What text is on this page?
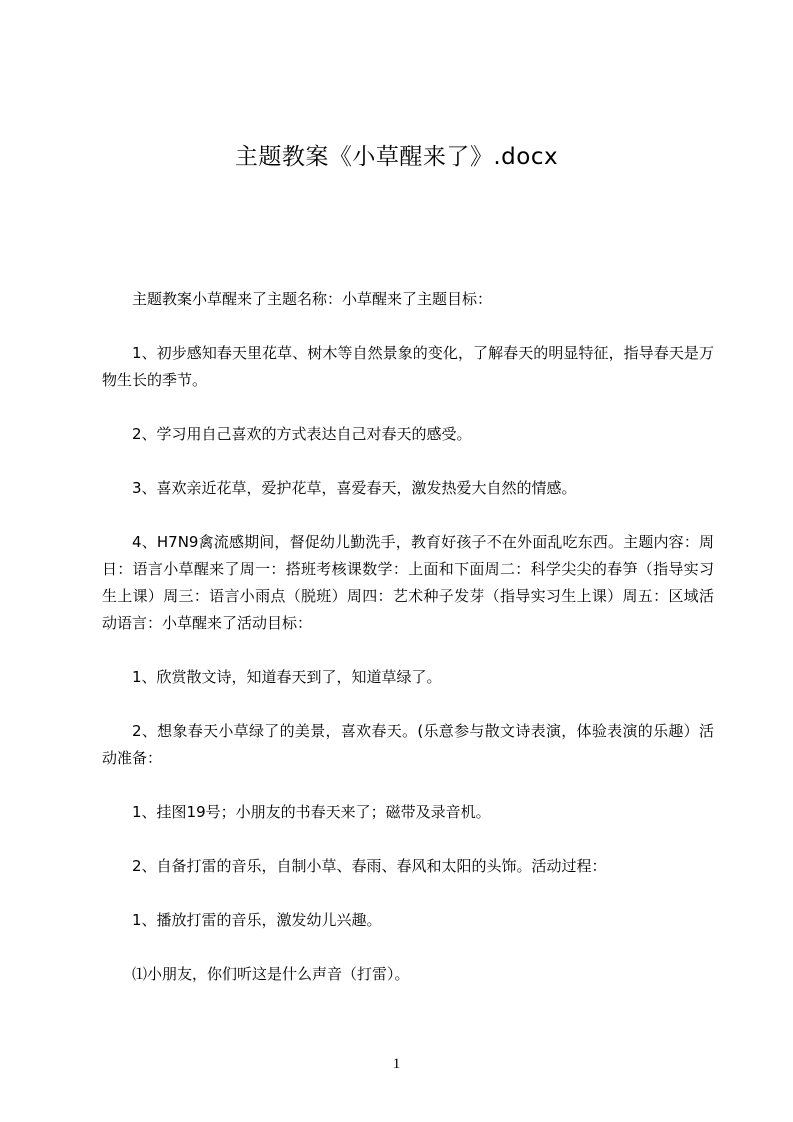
主题教案《小草醒来了》.docx

主题教案小草醒来了主题名称：小草醒来了主题目标：

1、初步感知春天里花草、树木等自然景象的变化，了解春天的明显特征，指导春天是万物生长的季节。

2、学习用自己喜欢的方式表达自己对春天的感受。

3、喜欢亲近花草，爱护花草，喜爱春天，激发热爱大自然的情感。

4、H7N9禽流感期间，督促幼儿勤洗手，教育好孩子不在外面乱吃东西。主题内容：周日：语言小草醒来了周一：搭班考核课数学：上面和下面周二：科学尖尖的春笋（指导实习生上课）周三：语言小雨点（脱班）周四：艺术种子发芽（指导实习生上课）周五：区域活动语言：小草醒来了活动目标：

1、欣赏散文诗，知道春天到了，知道草绿了。

2、想象春天小草绿了的美景，喜欢春天。(乐意参与散文诗表演，体验表演的乐趣）活动准备：

1、挂图19号；小朋友的书春天来了；磁带及录音机。

2、自备打雷的音乐，自制小草、春雨、春风和太阳的头饰。活动过程：

1、播放打雷的音乐，激发幼儿兴趣。

⑴小朋友，你们听这是什么声音（打雷）。

1
